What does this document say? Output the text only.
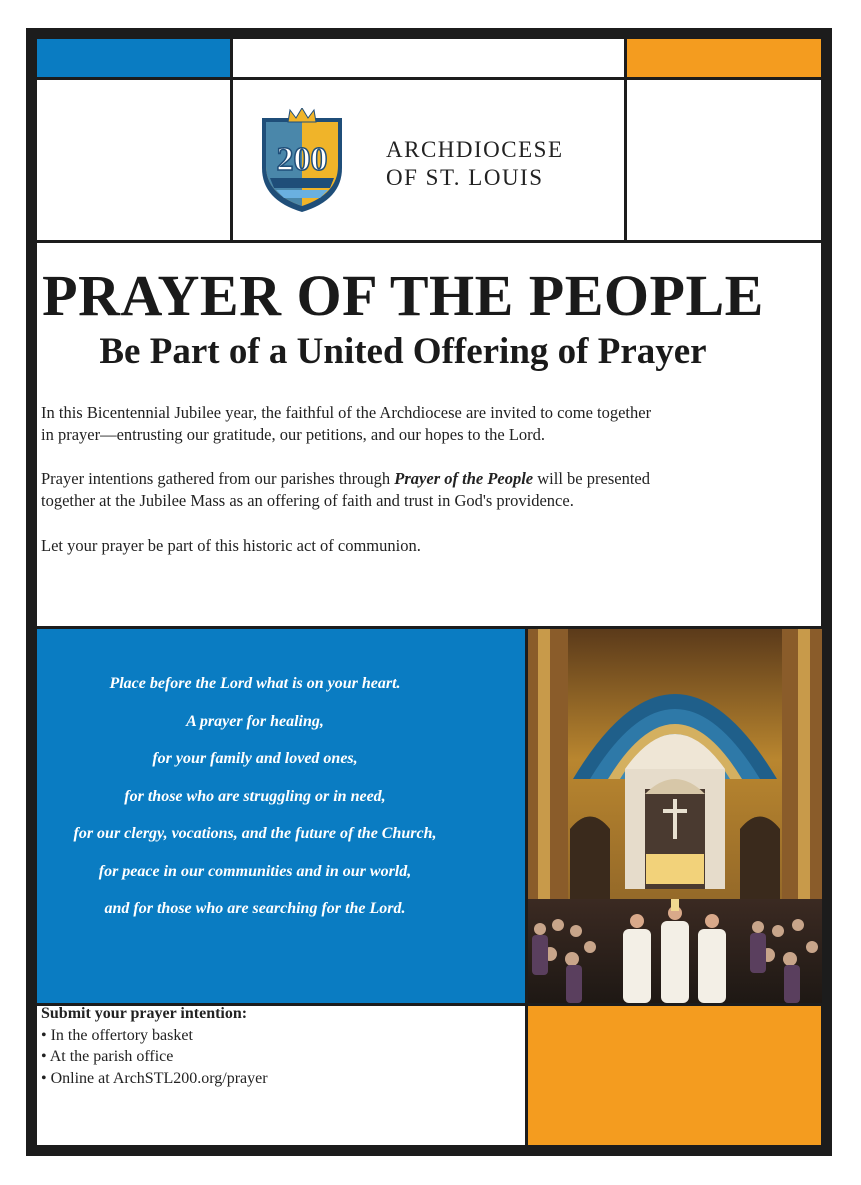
200	ARCHDIOCESE
OF ST. LOUIS
PRAYER OF THE PEOPLE
Be Part of a United Offering of Prayer

In this Bicentennial Jubilee year, the faithful of the Archdiocese are invited to come together
in prayer—entrusting our gratitude, our petitions, and our hopes to the Lord.

Prayer intentions gathered from our parishes through Prayer of the People will be presented
together at the Jubilee Mass as an offering of faith and trust in God's providence.

Let your prayer be part of this historic act of communion.

Place before the Lord what is on your heart.
A prayer for healing,
for your family and loved ones,
for those who are struggling or in need,
for our clergy, vocations, and the future of the Church,
for peace in our communities and in our world,
and for those who are searching for the Lord.
Submit your prayer intention:
• In the offertory basket
• At the parish office
• Online at ArchSTL200.org/prayer
